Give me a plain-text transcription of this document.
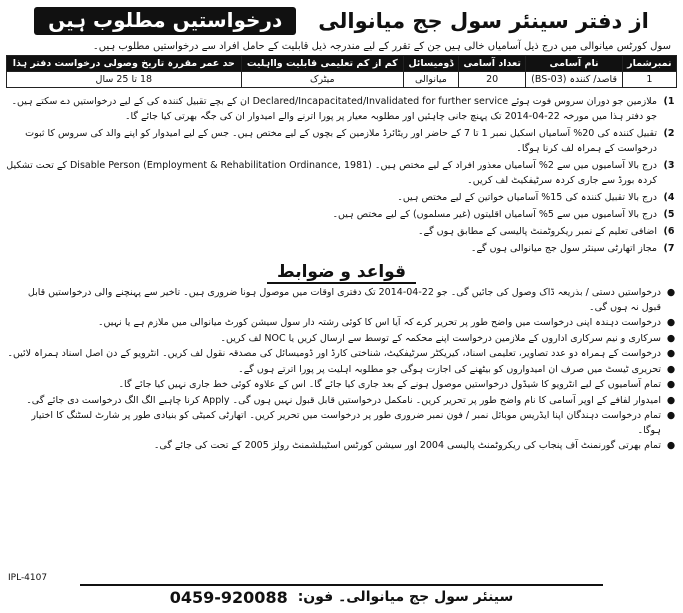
از دفتر سینئر سول جج میانوالی
درخواستیں مطلوب ہیں
سول کورٹس میانوالی میں درج ذیل آسامیاں خالی ہیں جن کے تقرر کے لیے مندرجہ ذیل قابلیت کے حامل افراد سے درخواستیں مطلوب ہیں۔
نمبرشمار	نام آسامی	تعداد آسامی	ڈومیسائل	کم از کم تعلیمی قابلیت وااہلیت	حد عمر مقررہ تاریخ وصولی درخواست دفتر ہذا
1	قاصد/ کنندہ (BS-03)	20	میانوالی	میٹرک	18 تا 25 سال
1)
ملازمین جو دوران سروس فوت ہوئے Declared/Incapacitated/Invalidated for further service ان کے بچے تقبیل کنندہ کی کے لیے درخواستیں دے سکتے ہیں۔ جو دفتر ہذا میں مورخہ 22-04-2014 تک پہنچ جانی چاہئیں اور مطلوبہ معیار پر پورا اترنے والے امیدوار ان کی جگہ بھرتی کیا جائے گا۔
2)
تقبیل کنندہ کی 20% آسامیاں اسکیل نمبر 1 تا 7 کے حاضر اور ریٹائرڈ ملازمین کے بچوں کے لیے مختص ہیں۔ جس کے لیے امیدوار کو اپنے والد کی سروس کا ثبوت درخواست کے ہمراہ لف کرنا ہوگا۔
3)
درج بالا آسامیوں میں سے 2% آسامیاں معذور افراد کے لیے مختص ہیں۔ Disable Person (Employment & Rehabilitation Ordinance, 1981) کے تحت تشکیل کردہ بورڈ سے جاری کردہ سرٹیفکیٹ لف کریں۔
4)
درج بالا تقبیل کنندہ کی 15% آسامیاں خواتین کے لیے مختص ہیں۔
5)
درج بالا آسامیوں میں سے 5% آسامیاں اقلیتوں (غیر مسلموں) کے لیے مختص ہیں۔
6)
اضافی تعلیم کے نمبر ریکروٹمنٹ پالیسی کے مطابق ہوں گے۔
7)
مجاز اتھارٹی سینئر سول جج میانوالی ہوں گے۔
قواعد و ضوابط
●
درخواستیں دستی / بذریعہ ڈاک وصول کی جائیں گی۔ جو 22-04-2014 تک دفتری اوقات میں موصول ہونا ضروری ہیں۔ تاخیر سے پہنچنے والی درخواستیں قابل قبول نہ ہوں گی۔
●
درخواست دہندہ اپنی درخواست میں واضح طور پر تحریر کرے کہ آیا اس کا کوئی رشتہ دار سول سیشن کورٹ میانوالی میں ملازم ہے یا نہیں۔
●
سرکاری و نیم سرکاری اداروں کے ملازمین درخواست اپنے محکمہ کے توسط سے ارسال کریں یا NOC لف کریں۔
●
درخواست کے ہمراہ دو عدد تصاویر، تعلیمی اسناد، کیریکٹر سرٹیفکیٹ، شناختی کارڈ اور ڈومیسائل کی مصدقہ نقول لف کریں۔ انٹرویو کے دن اصل اسناد ہمراہ لائیں۔
●
تحریری ٹیسٹ میں صرف ان امیدواروں کو بیٹھنے کی اجازت ہوگی جو مطلوبہ اہلیت پر پورا اترتے ہوں گے۔
●
تمام آسامیوں کے لیے انٹرویو کا شیڈول درخواستیں موصول ہونے کے بعد جاری کیا جائے گا۔ اس کے علاوہ کوئی خط جاری نہیں کیا جائے گا۔
●
امیدوار لفافے کے اوپر آسامی کا نام واضح طور پر تحریر کریں۔ نامکمل درخواستیں قابل قبول نہیں ہوں گی۔ Apply کرنا چاہیے الگ الگ درخواست دی جائے گی۔
●
تمام درخواست دہندگان اپنا ایڈریس موبائل نمبر / فون نمبر ضروری طور پر درخواست میں تحریر کریں۔ اتھارٹی کمیٹی کو بنیادی طور پر شارٹ لسٹنگ کا اختیار ہوگا۔
●
تمام بھرتی گورنمنٹ آف پنجاب کی ریکروٹمنٹ پالیسی 2004 اور سیشن کورٹس اسٹیبلشمنٹ رولز 2005 کے تحت کی جائے گی۔
IPL-4107
سینئر سول جج میانوالی۔ فون:
0459-920088
